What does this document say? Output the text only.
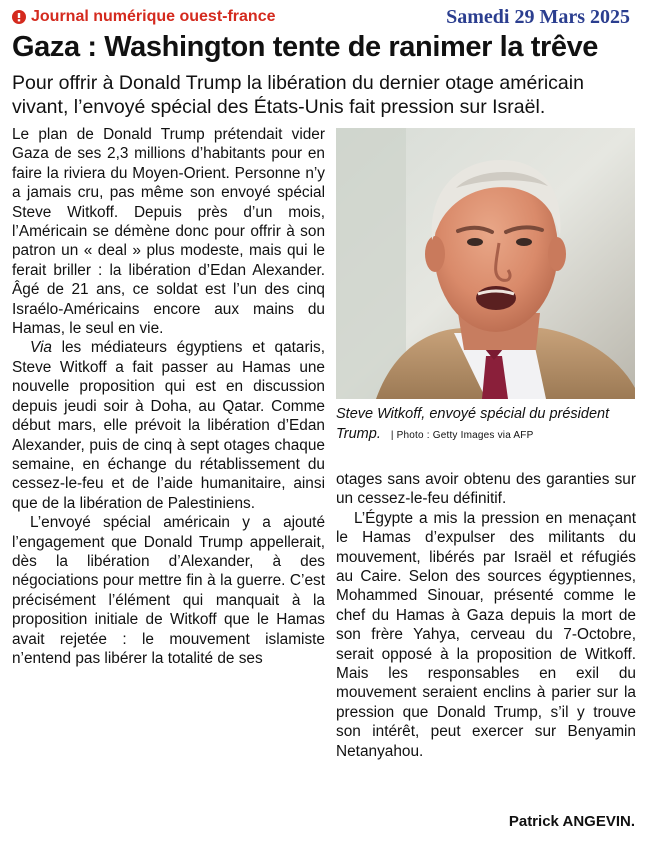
Journal numérique ouest-france	Samedi 29 Mars 2025
Gaza : Washington tente de ranimer la trêve

Pour offrir à Donald Trump la libération du dernier otage américain vivant, l’envoyé spécial des États-Unis fait pression sur Israël.

Le plan de Donald Trump prétendait vider Gaza de ses 2,3 millions d’habitants pour en faire la riviera du Moyen-Orient. Personne n’y a jamais cru, pas même son envoyé spécial Steve Witkoff. Depuis près d’un mois, l’Américain se démène donc pour offrir à son patron un « deal » plus modeste, mais qui le ferait briller : la libération d’Edan Alexander. Âgé de 21 ans, ce soldat est l’un des cinq Israélo-Américains encore aux mains du Hamas, le seul en vie.

Via les médiateurs égyptiens et qataris, Steve Witkoff a fait passer au Hamas une nouvelle proposition qui est en discussion depuis jeudi soir à Doha, au Qatar. Comme début mars, elle prévoit la libération d’Edan Alexander, puis de cinq à sept otages chaque semaine, en échange du rétablissement du cessez-le-feu et de l’aide humanitaire, ainsi que de la libération de Palestiniens.

L’envoyé spécial américain y a ajouté l’engagement que Donald Trump appellerait, dès la libération d’Alexander, à des négociations pour mettre fin à la guerre. C’est précisément l’élément qui manquait à la proposition initiale de Witkoff que le Hamas avait rejetée : le mouvement islamiste n’entend pas libérer la totalité de ses

Steve Witkoff, envoyé spécial du président Trump. | Photo : Getty Images via AFP

otages sans avoir obtenu des garanties sur un cessez-le-feu définitif.

L’Égypte a mis la pression en menaçant le Hamas d’expulser des militants du mouvement, libérés par Israël et réfugiés au Caire. Selon des sources égyptiennes, Mohammed Sinouar, présenté comme le chef du Hamas à Gaza depuis la mort de son frère Yahya, cerveau du 7-Octobre, serait opposé à la proposition de Witkoff. Mais les responsables en exil du mouvement seraient enclins à parier sur la pression que Donald Trump, s’il y trouve son intérêt, peut exercer sur Benyamin Netanyahou.

Patrick ANGEVIN.
